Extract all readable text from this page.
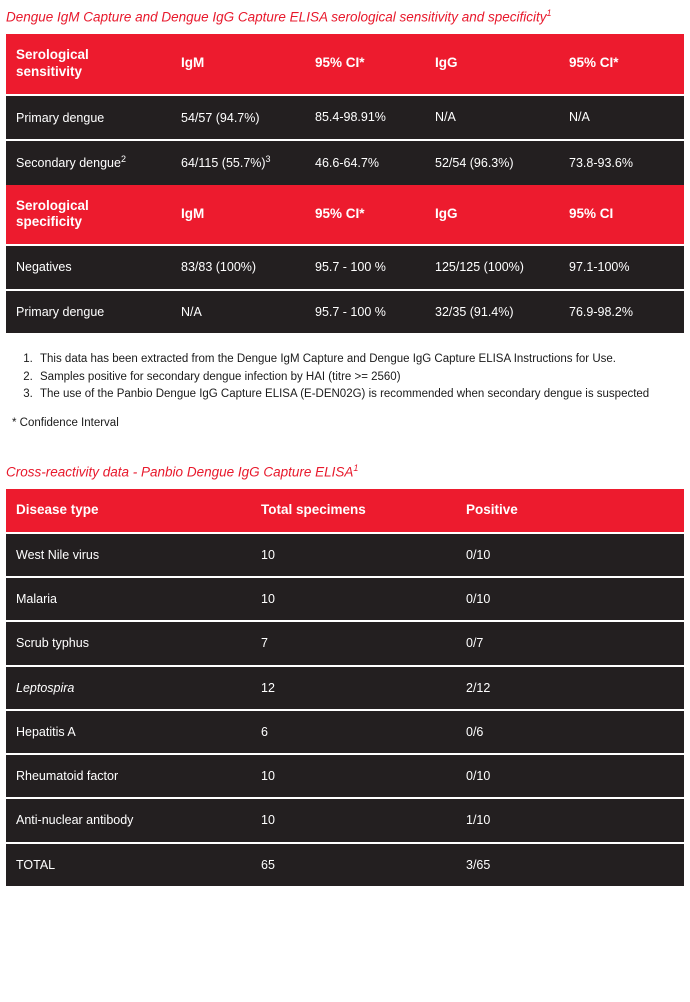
Dengue IgM Capture and Dengue IgG Capture ELISA serological sensitivity and specificity$^1$
Serological
sensitivity	IgM	95% CI*	IgG	95% CI*
Primary dengue	54/57 (94.7%)	85.4-98.91%	N/A	N/A
Secondary dengue$^2$	64/115 $(55.7\%)^3$	46.6-64.7%	52/54 (96.3%)	73.8-93.6%
Serological
specificity	IgM	95% CI*	IgG	95% CI
Negatives	83/83 (100%)	95.7 - 100 %	125/125 (100%)	97.1-100%
Primary dengue	N/A	95.7 - 100 %	32/35 (91.4%)	76.9-98.2%
1. This data has been extracted from the Dengue IgM Capture and Dengue IgG Capture ELISA Instructions for Use.
2. Samples positive for secondary dengue infection by HAI (titre >= 2560)
3. The use of the Panbio Dengue IgG Capture ELISA (E-DEN02G) is recommended when secondary dengue is suspected
* Confidence Interval
Cross-reactivity data - Panbio Dengue IgG Capture ELISA$^1$
Disease type	Total specimens	Positive
West Nile virus	10	0/10
Malaria	10	0/10
Scrub typhus	7	0/7
Leptospira	12	2/12
Hepatitis A	6	0/6
Rheumatoid factor	10	0/10
Anti-nuclear antibody	10	1/10
TOTAL	65	3/65
